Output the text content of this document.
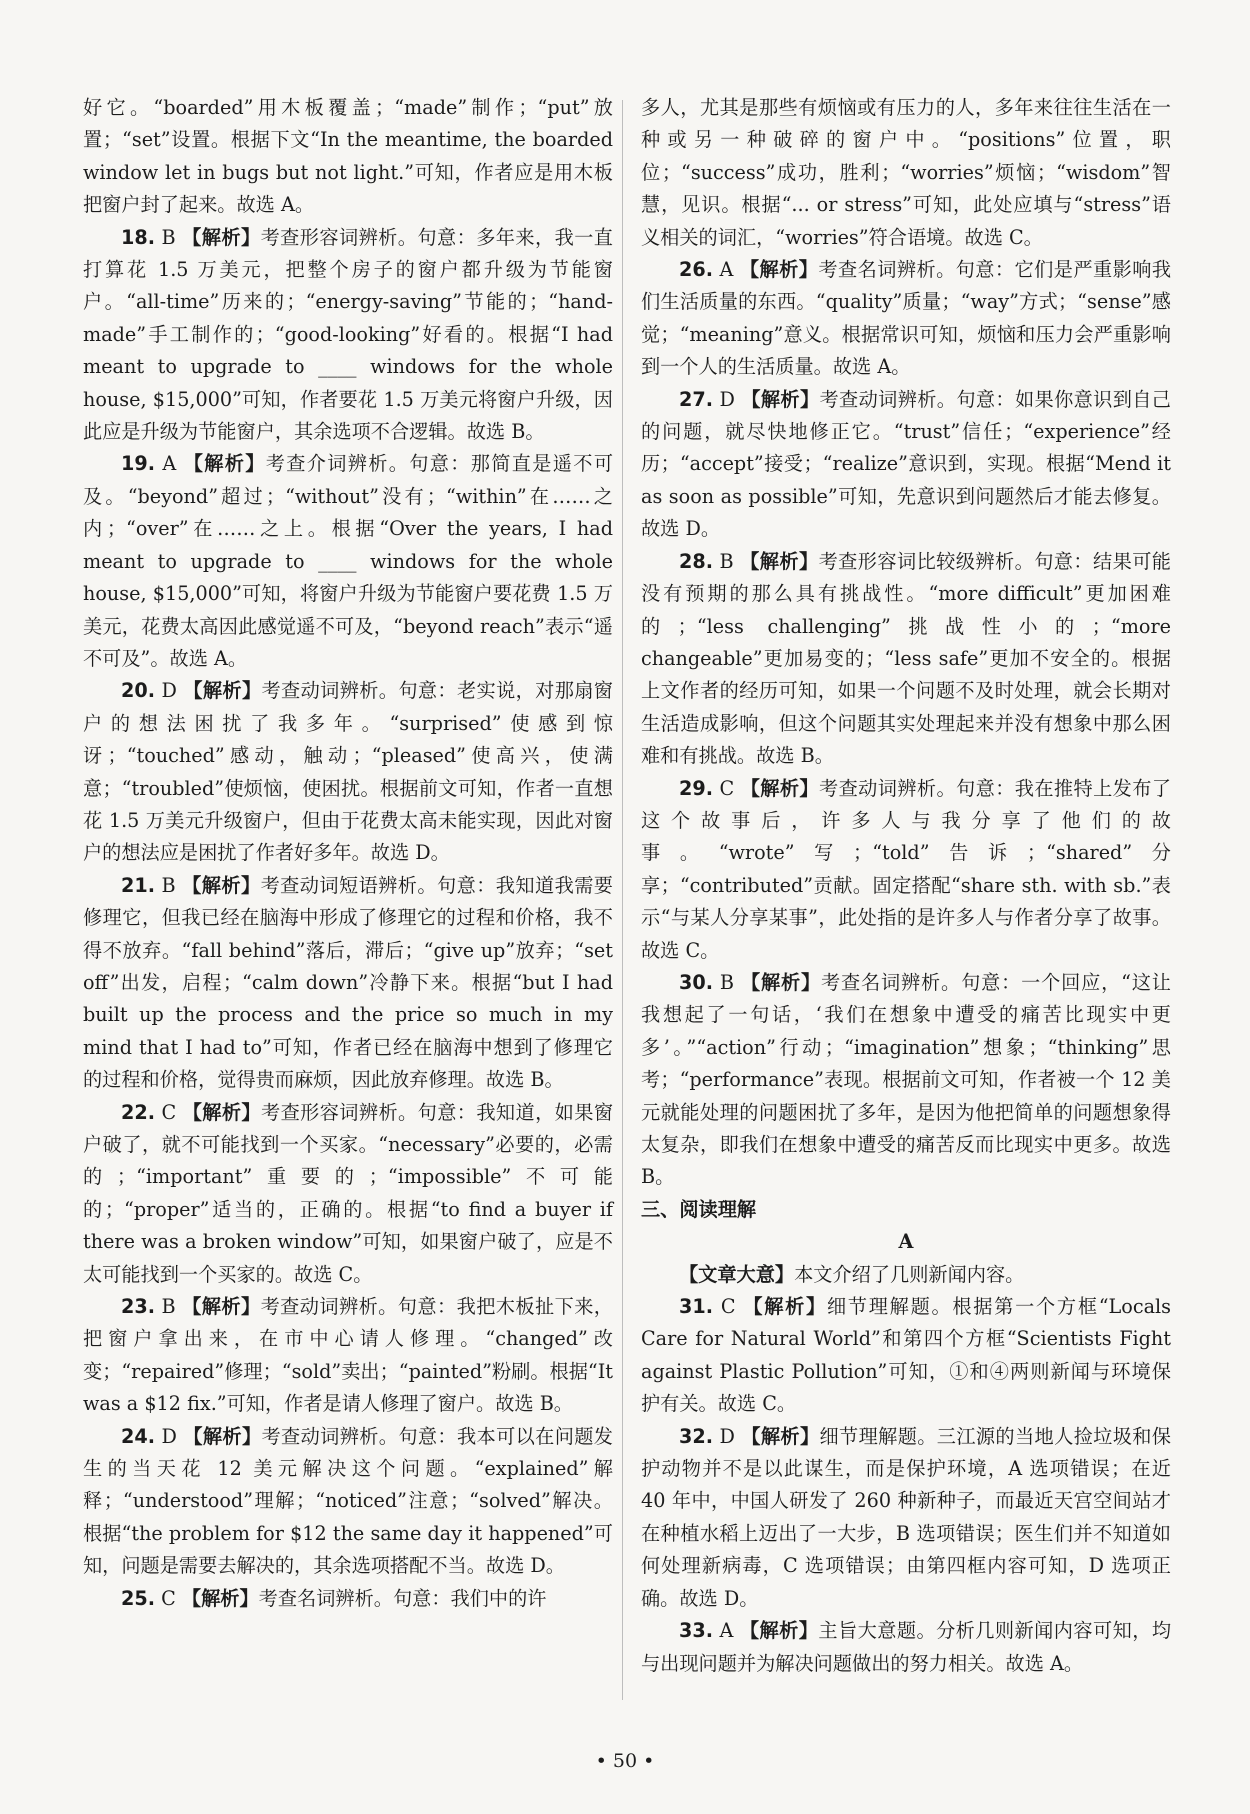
好它。“boarded”用木板覆盖；“made”制作；“put”放置；“set”设置。根据下文“In the meantime, the boarded window let in bugs but not light.”可知，作者应是用木板把窗户封了起来。故选 A。

18. B 【解析】考查形容词辨析。句意：多年来，我一直打算花 1.5 万美元，把整个房子的窗户都升级为节能窗户。“all-time”历来的；“energy-saving”节能的；“hand-made”手工制作的；“good-looking”好看的。根据“I had meant to upgrade to ____ windows for the whole house, $15,000”可知，作者要花 1.5 万美元将窗户升级，因此应是升级为节能窗户，其余选项不合逻辑。故选 B。

19. A 【解析】考查介词辨析。句意：那简直是遥不可及。“beyond”超过；“without”没有；“within”在……之内；“over”在……之上。根据“Over the years, I had meant to upgrade to ____ windows for the whole house, $15,000”可知，将窗户升级为节能窗户要花费 1.5 万美元，花费太高因此感觉遥不可及，“beyond reach”表示“遥不可及”。故选 A。

20. D 【解析】考查动词辨析。句意：老实说，对那扇窗户的想法困扰了我多年。“surprised”使感到惊讶；“touched”感动，触动；“pleased”使高兴，使满意；“troubled”使烦恼，使困扰。根据前文可知，作者一直想花 1.5 万美元升级窗户，但由于花费太高未能实现，因此对窗户的想法应是困扰了作者好多年。故选 D。

21. B 【解析】考查动词短语辨析。句意：我知道我需要修理它，但我已经在脑海中形成了修理它的过程和价格，我不得不放弃。“fall behind”落后，滞后；“give up”放弃；“set off”出发，启程；“calm down”冷静下来。根据“but I had built up the process and the price so much in my mind that I had to”可知，作者已经在脑海中想到了修理它的过程和价格，觉得贵而麻烦，因此放弃修理。故选 B。

22. C 【解析】考查形容词辨析。句意：我知道，如果窗户破了，就不可能找到一个买家。“necessary”必要的，必需的；“important”重要的；“impossible”不可能的；“proper”适当的，正确的。根据“to find a buyer if there was a broken window”可知，如果窗户破了，应是不太可能找到一个买家的。故选 C。

23. B 【解析】考查动词辨析。句意：我把木板扯下来，把窗户拿出来，在市中心请人修理。“changed”改变；“repaired”修理；“sold”卖出；“painted”粉刷。根据“It was a $12 fix.”可知，作者是请人修理了窗户。故选 B。

24. D 【解析】考查动词辨析。句意：我本可以在问题发生的当天花 12 美元解决这个问题。“explained”解释；“understood”理解；“noticed”注意；“solved”解决。根据“the problem for $12 the same day it happened”可知，问题是需要去解决的，其余选项搭配不当。故选 D。

25. C 【解析】考查名词辨析。句意：我们中的许

多人，尤其是那些有烦恼或有压力的人，多年来往往生活在一种或另一种破碎的窗户中。“positions”位置，职位；“success”成功，胜利；“worries”烦恼；“wisdom”智慧，见识。根据“... or stress”可知，此处应填与“stress”语义相关的词汇，“worries”符合语境。故选 C。

26. A 【解析】考查名词辨析。句意：它们是严重影响我们生活质量的东西。“quality”质量；“way”方式；“sense”感觉；“meaning”意义。根据常识可知，烦恼和压力会严重影响到一个人的生活质量。故选 A。

27. D 【解析】考查动词辨析。句意：如果你意识到自己的问题，就尽快地修正它。“trust”信任；“experience”经历；“accept”接受；“realize”意识到，实现。根据“Mend it as soon as possible”可知，先意识到问题然后才能去修复。故选 D。

28. B 【解析】考查形容词比较级辨析。句意：结果可能没有预期的那么具有挑战性。“more difficult”更加困难的；“less challenging”挑战性小的；“more changeable”更加易变的；“less safe”更加不安全的。根据上文作者的经历可知，如果一个问题不及时处理，就会长期对生活造成影响，但这个问题其实处理起来并没有想象中那么困难和有挑战。故选 B。

29. C 【解析】考查动词辨析。句意：我在推特上发布了这个故事后，许多人与我分享了他们的故事。“wrote”写；“told”告诉；“shared”分享；“contributed”贡献。固定搭配“share sth. with sb.”表示“与某人分享某事”，此处指的是许多人与作者分享了故事。故选 C。

30. B 【解析】考查名词辨析。句意：一个回应，“这让我想起了一句话，‘我们在想象中遭受的痛苦比现实中更多’。”“action”行动；“imagination”想象；“thinking”思考；“performance”表现。根据前文可知，作者被一个 12 美元就能处理的问题困扰了多年，是因为他把简单的问题想象得太复杂，即我们在想象中遭受的痛苦反而比现实中更多。故选 B。

三、阅读理解

A

【文章大意】本文介绍了几则新闻内容。

31. C 【解析】细节理解题。根据第一个方框“Locals Care for Natural World”和第四个方框“Scientists Fight against Plastic Pollution”可知，①和④两则新闻与环境保护有关。故选 C。

32. D 【解析】细节理解题。三江源的当地人捡垃圾和保护动物并不是以此谋生，而是保护环境，A 选项错误；在近 40 年中，中国人研发了 260 种新种子，而最近天宫空间站才在种植水稻上迈出了一大步，B 选项错误；医生们并不知道如何处理新病毒，C 选项错误；由第四框内容可知，D 选项正确。故选 D。

33. A 【解析】主旨大意题。分析几则新闻内容可知，均与出现问题并为解决问题做出的努力相关。故选 A。

• 50 •
